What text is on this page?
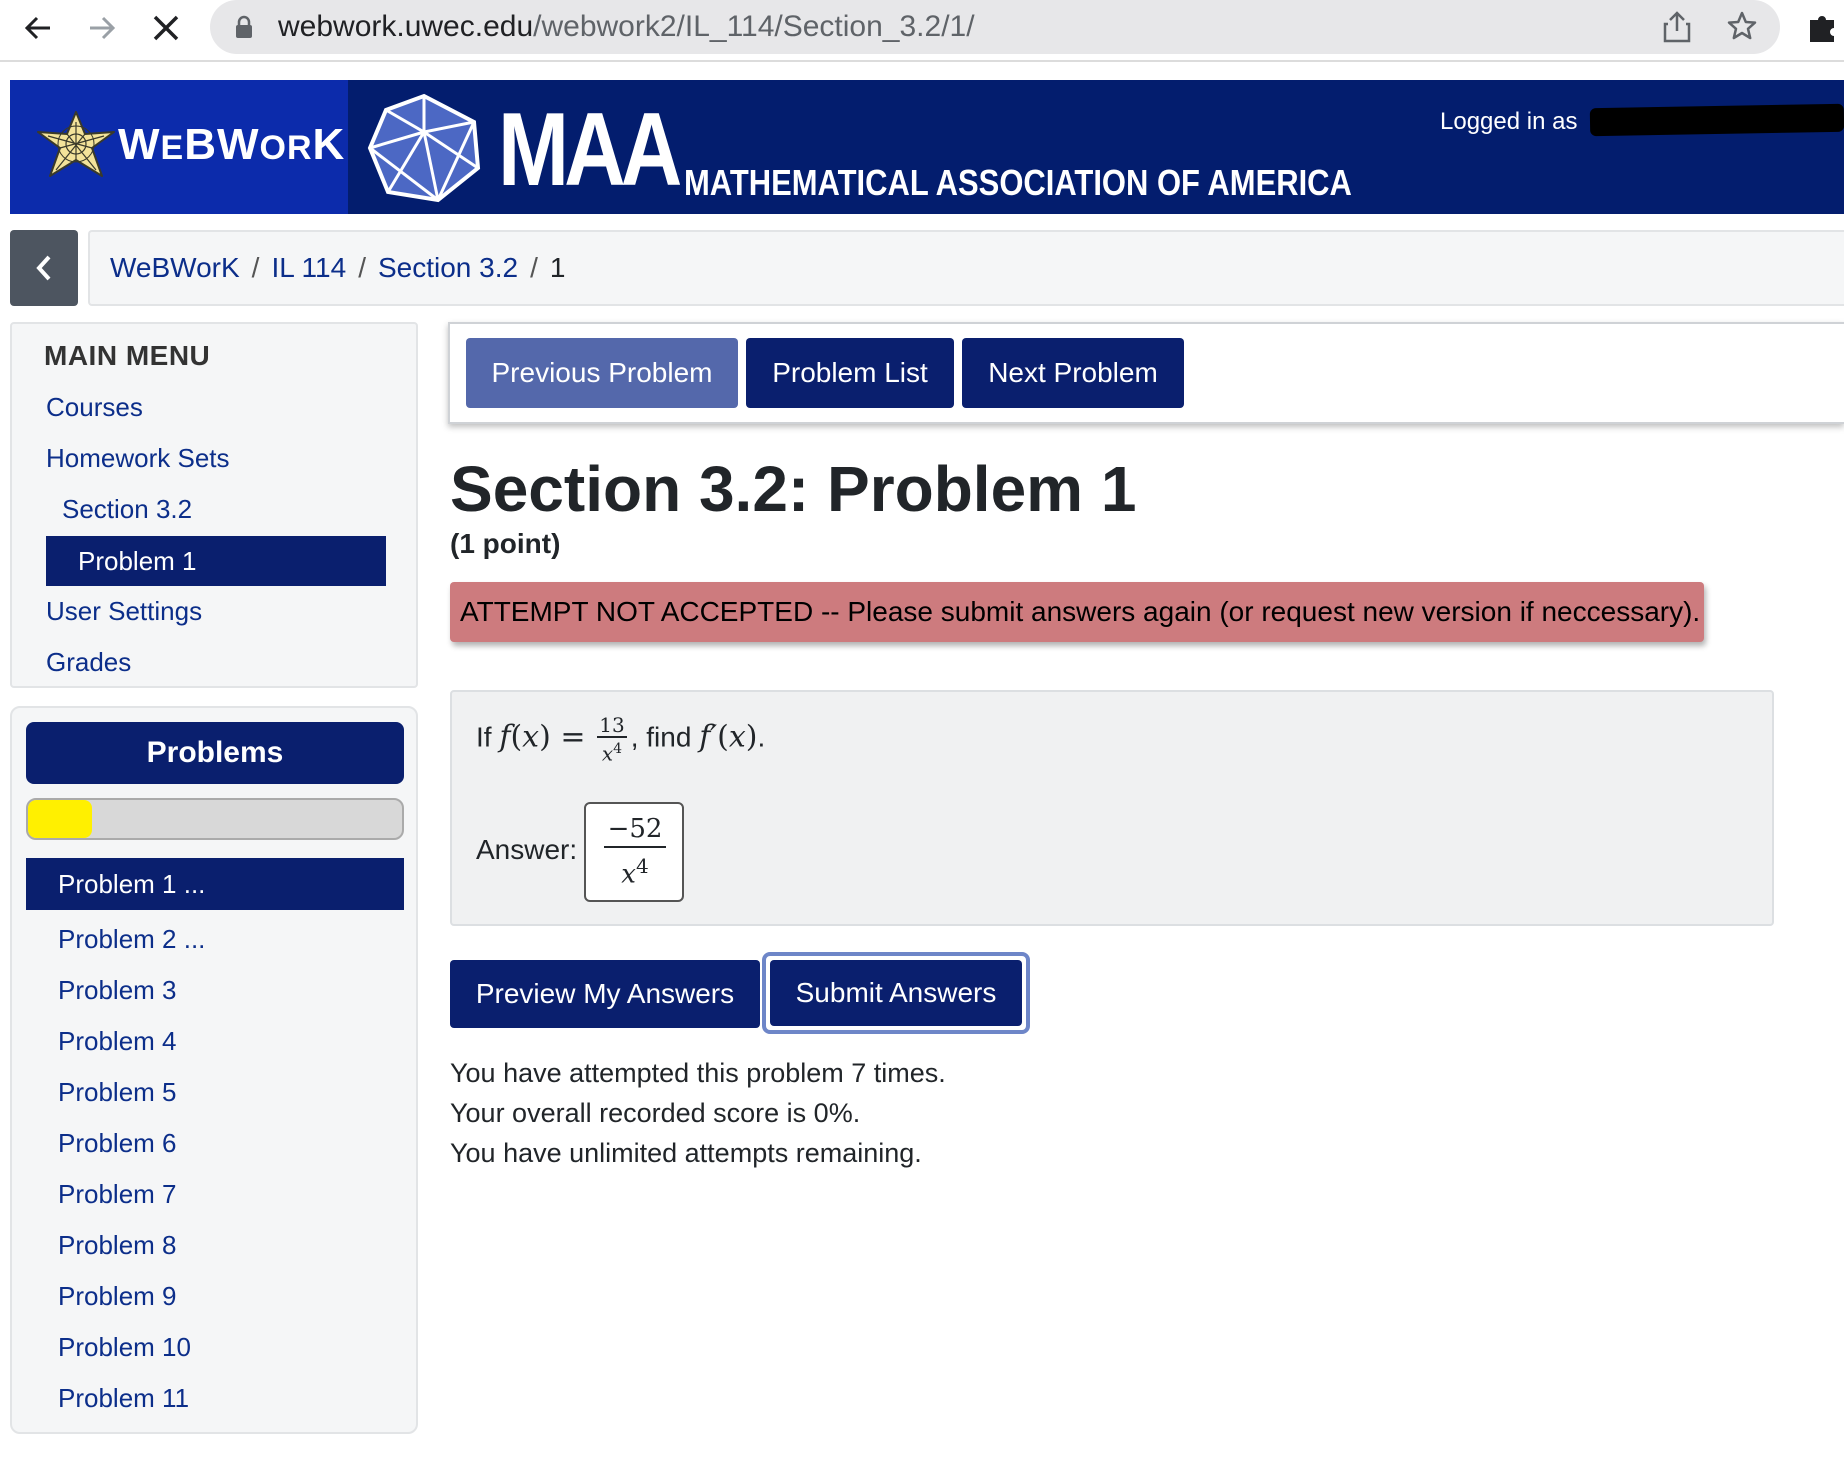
webwork.uwec.edu/webwork2/IL_114/Section_3.2/1/
WEBWORK MAA MATHEMATICAL ASSOCIATION OF AMERICA
Logged in as
WeBWorK / IL 114 / Section 3.2 / 1
MAIN MENU
Courses
Homework Sets
Section 3.2
Problem 1
User Settings
Grades
Problems
Problem 1 ...
Problem 2 ...
Problem 3
Problem 4
Problem 5
Problem 6
Problem 7
Problem 8
Problem 9
Problem 10
Problem 11
Previous Problem	Problem List	Next Problem
Section 3.2: Problem 1
(1 point)
ATTEMPT NOT ACCEPTED -- Please submit answers again (or request new version if neccessary).
If $f(x) = \frac{13}{x^4}$ , find f′(x).
Answer: $\frac{-52}{x^4}$
Preview My Answers	Submit Answers
You have attempted this problem 7 times.
Your overall recorded score is 0%.
You have unlimited attempts remaining.
